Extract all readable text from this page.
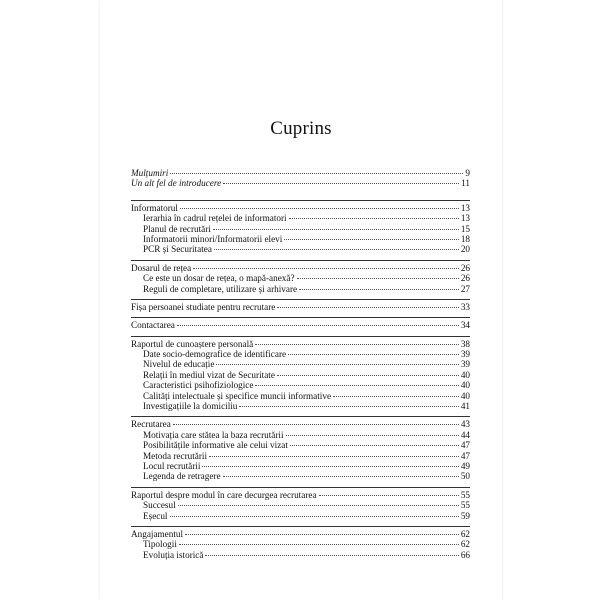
Cuprins
Mulțumiri	9
Un alt fel de introducere	11
Informatorul	13
Ierarhia în cadrul rețelei de informatori	13
Planul de recrutări	15
Informatorii minori/Informatorii elevi	18
PCR și Securitatea	20
Dosarul de rețea	26
Ce este un dosar de rețea, o mapă-anexă?	26
Reguli de completare, utilizare și arhivare	27
Fișa persoanei studiate pentru recrutare	33
Contactarea	34
Raportul de cunoaștere personală	38
Date socio-demografice de identificare	39
Nivelul de educație	39
Relații în mediul vizat de Securitate	40
Caracteristici psihofiziologice	40
Calități intelectuale și specifice muncii informative	40
Investigațiile la domiciliu	41
Recrutarea	43
Motivația care stătea la baza recrutării	44
Posibilitățile informative ale celui vizat	47
Metoda recrutării	47
Locul recrutării	49
Legenda de retragere	50
Raportul despre modul în care decurgea recrutarea	55
Succesul	55
Eșecul	59
Angajamentul	62
Tipologii	62
Evoluția istorică	66
